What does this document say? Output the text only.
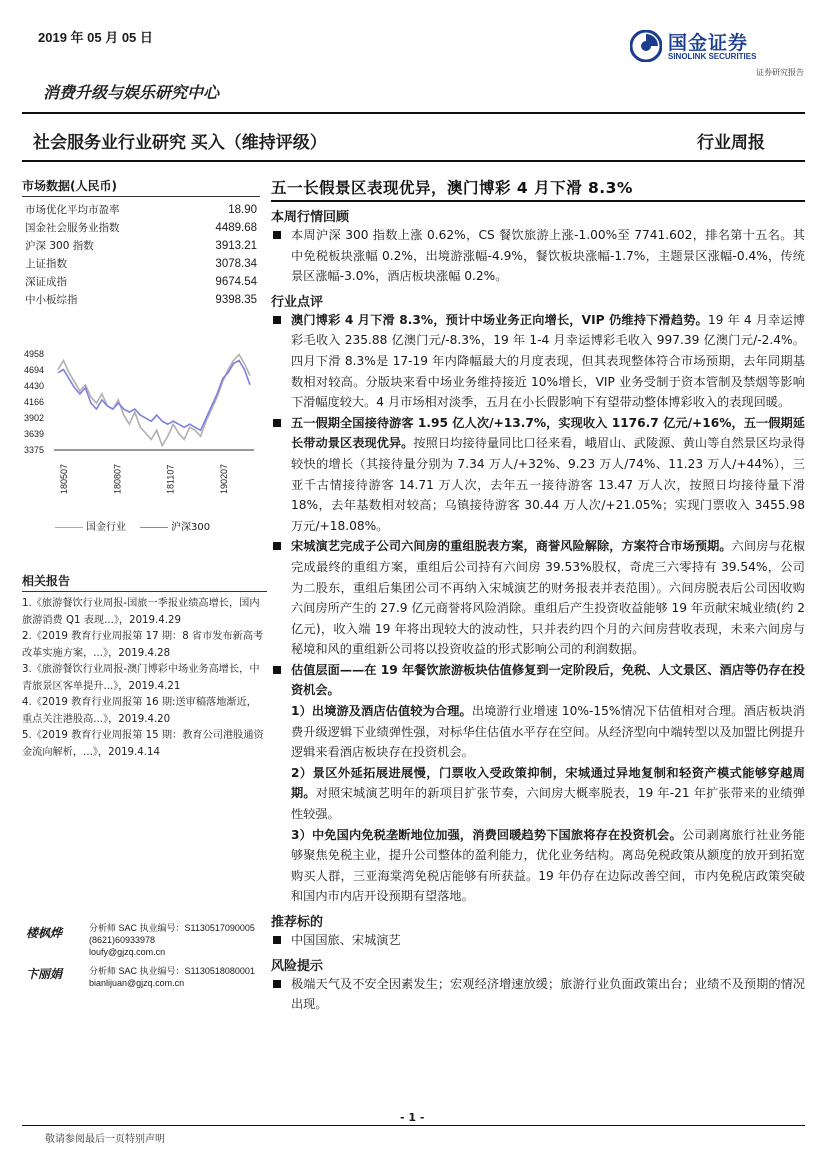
2019 年 05 月 05 日	国金证券
SINOLINK SECURITIES
证券研究报告
消费升级与娱乐研究中心
社会服务业行业研究 买入（维持评级）	行业周报
市场数据(人民币)
市场优化平均市盈率	18.90
国金社会服务业指数	4489.68
沪深 300 指数	3913.21
上证指数	3078.34
深证成指	9674.54
中小板综指	9398.35
4958
4694
4430
4166
3902
3639
3375
180507	180807	181107	190207
国金行业	沪深300
相关报告
1.《旅游餐饮行业周报-国旅一季报业绩高增长，国内旅游消费 Q1 表现...》，2019.4.29
2.《2019 教育行业周报第 17 期：8 省市发布新高考改革实施方案，...》，2019.4.28
3.《旅游餐饮行业周报-澳门博彩中场业务高增长，中青旅景区客单提升...》，2019.4.21
4.《2019 教育行业周报第 16 期:送审稿落地渐近，重点关注港股高...》，2019.4.20
5.《2019 教育行业周报第 15 期：教育公司港股通资金流向解析，...》，2019.4.14
楼枫烨	分析师 SAC 执业编号：S1130517090005
(8621)60933978
loufy@gjzq.com.cn
卞丽娟	分析师 SAC 执业编号：S1130518080001
bianlijuan@gjzq.com.cn
五一长假景区表现优异，澳门博彩 4 月下滑 8.3%
本周行情回顾
本周沪深 300 指数上涨 0.62%，CS 餐饮旅游上涨-1.00%至 7741.602，排名第十五名。其中免税板块涨幅 0.2%，出境游涨幅-4.9%，餐饮板块涨幅-1.7%，主题景区涨幅-0.4%，传统景区涨幅-3.0%，酒店板块涨幅 0.2%。
行业点评
澳门博彩 4 月下滑 8.3%，预计中场业务正向增长，VIP 仍维持下滑趋势。19 年 4 月幸运博彩毛收入 235.88 亿澳门元/-8.3%，19 年 1-4 月幸运博彩毛收入 997.39 亿澳门元/-2.4%。四月下滑 8.3%是 17-19 年内降幅最大的月度表现，但其表现整体符合市场预期，去年同期基数相对较高。分版块来看中场业务维持接近 10%增长，VIP 业务受制于资本管制及禁烟等影响下滑幅度较大。4 月市场相对淡季，五月在小长假影响下有望带动整体博彩收入的表现回暖。
五一假期全国接待游客 1.95 亿人次/+13.7%，实现收入 1176.7 亿元/+16%，五一假期延长带动景区表现优异。按照日均接待量同比口径来看，峨眉山、武陵源、黄山等自然景区均录得较快的增长（其接待量分别为 7.34 万人/+32%、9.23 万人/74%、11.23 万人/+44%），三亚千古情接待游客 14.71 万人次，去年五一接待游客 13.47 万人次，按照日均接待量下滑 18%，去年基数相对较高；乌镇接待游客 30.44 万人次/+21.05%；实现门票收入 3455.98 万元/+18.08%。
宋城演艺完成子公司六间房的重组脱表方案，商誉风险解除，方案符合市场预期。六间房与花椒完成最终的重组方案，重组后公司持有六间房 39.53%股权，奇虎三六零持有 39.54%，公司为二股东，重组后集团公司不再纳入宋城演艺的财务报表并表范围）。六间房脱表后公司因收购六间房所产生的 27.9 亿元商誉将风险消除。重组后产生投资收益能够 19 年贡献宋城业绩(约 2 亿元)，收入端 19 年将出现较大的波动性，只并表约四个月的六间房营收表现，未来六间房与秘境和风的重组新公司将以投资收益的形式影响公司的利润数据。
估值层面——在 19 年餐饮旅游板块估值修复到一定阶段后，免税、人文景区、酒店等仍存在投资机会。
1）出境游及酒店估值较为合理。出境游行业增速 10%-15%情况下估值相对合理。酒店板块消费升级逻辑下业绩弹性强，对标华住估值水平存在空间。从经济型向中端转型以及加盟比例提升逻辑来看酒店板块存在投资机会。
2）景区外延拓展进展慢，门票收入受政策抑制，宋城通过异地复制和轻资产模式能够穿越周期。对照宋城演艺明年的新项目扩张节奏，六间房大概率脱表，19 年-21 年扩张带来的业绩弹性较强。
3）中免国内免税垄断地位加强，消费回暖趋势下国旅将存在投资机会。公司剥离旅行社业务能够聚焦免税主业，提升公司整体的盈利能力，优化业务结构。离岛免税政策从额度的放开到拓宽购买人群，三亚海棠湾免税店能够有所获益。19 年仍存在边际改善空间，市内免税店政策突破和国内市内店开设预期有望落地。
推荐标的
中国国旅、宋城演艺
风险提示
极端天气及不安全因素发生；宏观经济增速放缓；旅游行业负面政策出台；业绩不及预期的情况出现。
- 1 -
敬请参阅最后一页特别声明
